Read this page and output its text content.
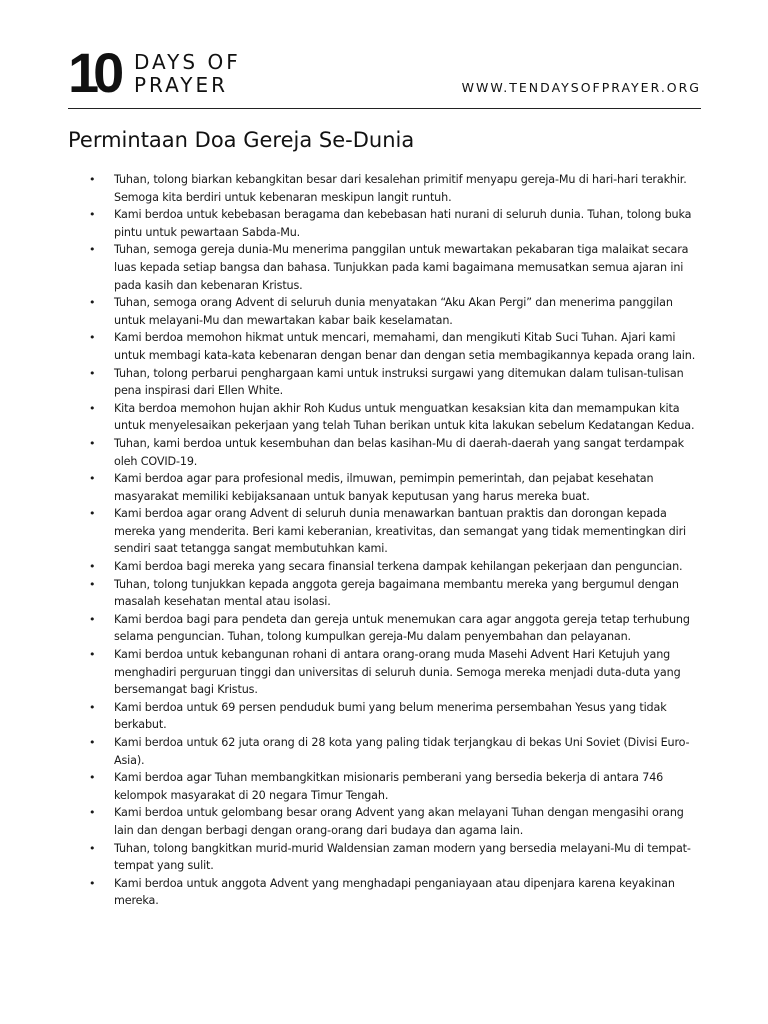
10 DAYS OF
PRAYER	WWW.TENDAYSOFPRAYER.ORG
Permintaan Doa Gereja Se-Dunia
• Tuhan, tolong biarkan kebangkitan besar dari kesalehan primitif menyapu gereja-Mu di hari-hari terakhir. Semoga kita berdiri untuk kebenaran meskipun langit runtuh.
• Kami berdoa untuk kebebasan beragama dan kebebasan hati nurani di seluruh dunia. Tuhan, tolong buka pintu untuk pewartaan Sabda-Mu.
• Tuhan, semoga gereja dunia-Mu menerima panggilan untuk mewartakan pekabaran tiga malaikat secara luas kepada setiap bangsa dan bahasa. Tunjukkan pada kami bagaimana memusatkan semua ajaran ini pada kasih dan kebenaran Kristus.
• Tuhan, semoga orang Advent di seluruh dunia menyatakan “Aku Akan Pergi” dan menerima panggilan untuk melayani-Mu dan mewartakan kabar baik keselamatan.
• Kami berdoa memohon hikmat untuk mencari, memahami, dan mengikuti Kitab Suci Tuhan. Ajari kami untuk membagi kata-kata kebenaran dengan benar dan dengan setia membagikannya kepada orang lain.
• Tuhan, tolong perbarui penghargaan kami untuk instruksi surgawi yang ditemukan dalam tulisan-tulisan pena inspirasi dari Ellen White.
• Kita berdoa memohon hujan akhir Roh Kudus untuk menguatkan kesaksian kita dan memampukan kita untuk menyelesaikan pekerjaan yang telah Tuhan berikan untuk kita lakukan sebelum Kedatangan Kedua.
• Tuhan, kami berdoa untuk kesembuhan dan belas kasihan-Mu di daerah-daerah yang sangat terdampak oleh COVID-19.
• Kami berdoa agar para profesional medis, ilmuwan, pemimpin pemerintah, dan pejabat kesehatan masyarakat memiliki kebijaksanaan untuk banyak keputusan yang harus mereka buat.
• Kami berdoa agar orang Advent di seluruh dunia menawarkan bantuan praktis dan dorongan kepada mereka yang menderita. Beri kami keberanian, kreativitas, dan semangat yang tidak mementingkan diri sendiri saat tetangga sangat membutuhkan kami.
• Kami berdoa bagi mereka yang secara finansial terkena dampak kehilangan pekerjaan dan penguncian.
• Tuhan, tolong tunjukkan kepada anggota gereja bagaimana membantu mereka yang bergumul dengan masalah kesehatan mental atau isolasi.
• Kami berdoa bagi para pendeta dan gereja untuk menemukan cara agar anggota gereja tetap terhubung selama penguncian. Tuhan, tolong kumpulkan gereja-Mu dalam penyembahan dan pelayanan.
• Kami berdoa untuk kebangunan rohani di antara orang-orang muda Masehi Advent Hari Ketujuh yang menghadiri perguruan tinggi dan universitas di seluruh dunia. Semoga mereka menjadi duta-duta yang bersemangat bagi Kristus.
• Kami berdoa untuk 69 persen penduduk bumi yang belum menerima persembahan Yesus yang tidak berkabut.
• Kami berdoa untuk 62 juta orang di 28 kota yang paling tidak terjangkau di bekas Uni Soviet (Divisi Euro-Asia).
• Kami berdoa agar Tuhan membangkitkan misionaris pemberani yang bersedia bekerja di antara 746 kelompok masyarakat di 20 negara Timur Tengah.
• Kami berdoa untuk gelombang besar orang Advent yang akan melayani Tuhan dengan mengasihi orang lain dan dengan berbagi dengan orang-orang dari budaya dan agama lain.
• Tuhan, tolong bangkitkan murid-murid Waldensian zaman modern yang bersedia melayani-Mu di tempat-tempat yang sulit.
• Kami berdoa untuk anggota Advent yang menghadapi penganiayaan atau dipenjara karena keyakinan mereka.
